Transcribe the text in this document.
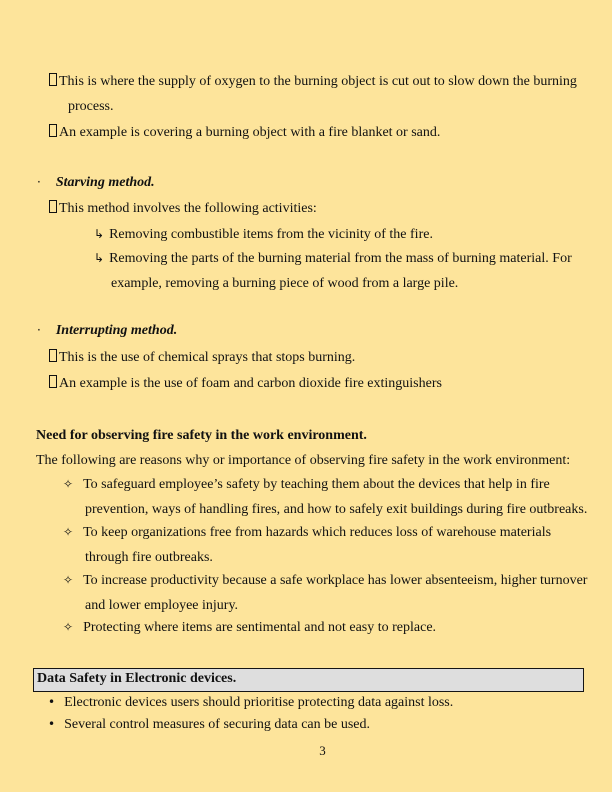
This is where the supply of oxygen to the burning object is cut out to slow down the burning process.
An example is covering a burning object with a fire blanket or sand.
· Starving method.
This method involves the following activities:
↳ Removing combustible items from the vicinity of the fire.
↳ Removing the parts of the burning material from the mass of burning material. For example, removing a burning piece of wood from a large pile.
· Interrupting method.
This is the use of chemical sprays that stops burning.
An example is the use of foam and carbon dioxide fire extinguishers
Need for observing fire safety in the work environment.
The following are reasons why or importance of observing fire safety in the work environment:
✧ To safeguard employee’s safety by teaching them about the devices that help in fire prevention, ways of handling fires, and how to safely exit buildings during fire outbreaks.
✧ To keep organizations free from hazards which reduces loss of warehouse materials through fire outbreaks.
✧ To increase productivity because a safe workplace has lower absenteeism, higher turnover and lower employee injury.
✧ Protecting where items are sentimental and not easy to replace.
Data Safety in Electronic devices.
• Electronic devices users should prioritise protecting data against loss.
• Several control measures of securing data can be used.
3
